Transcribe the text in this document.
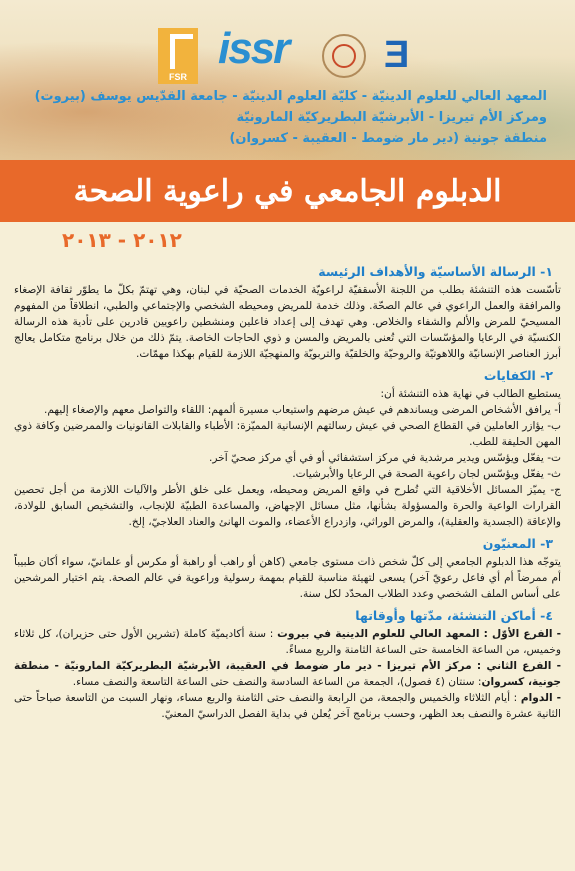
FSR
issr	Ǝ
المعهد العالي للعلوم الدينيّة - كليّة العلوم الدينيّة - جامعة القدّيس يوسف (بيروت)
ومركز الأم تيريزا - الأبرشيّة البطريركيّة المارونيّة
منطقة جونية (دير مار ضومط - العقيبة - كسروان)
الدبلوم الجامعي في راعوية الصحة
٢٠١٢ - ٢٠١٣
١- الرسالة الأساسيّة والأهداف الرئيسة

تأسّست هذه التنشئة بطلب من اللجنة الأسقفيّة لراعويّة الخدمات الصحيّة في لبنان، وهي تهتمّ بكلّ ما يطوّر ثقافة الإصغاء والمرافقة والعمل الراعوي في عالم الصحّة. وذلك خدمة للمريض ومحيطه الشخصي والإجتماعي والطبي، انطلاقاً من المفهوم المسيحيّ للمرض والألم والشفاء والخلاص. وهي تهدف إلى إعداد فاعلين ومنشطين راعويين قادرين على تأدية هذه الرسالة الكنسيّة في الرعايا والمؤسّسات التي تُعنى بالمريض والمسن و ذوي الحاجات الخاصة. يتمّ ذلك من خلال برنامج متكامل يعالج أبرز العناصر الإنسانيّة واللاهوتيّة والروحيّة والخلقيّة والتربويّة والمنهجيّة اللازمة للقيام بهكذا مهمّات.

٢- الكفايات

يستطيع الطالب في نهاية هذه التنشئة أن:

أ- يرافق الأشخاص المرضى ويساندهم في عيش مرضهم واستيعاب مسيرة ألمهم: اللقاء والتواصل معهم والإصغاء إليهم.

ب- يؤازر العاملين في القطاع الصحي في عيش رسالتهم الإنسانية المميّزة: الأطباء والقابلات القانونيات والممرضين وكافة ذوي المهن الحليفة للطب.

ت- يفعّل ويؤسّس ويدير مرشدية في مركز استشفائي أو في أي مركز صحيّ آخر.

ث- يفعّل ويؤسّس لجان راعوية الصحة في الرعايا والأبرشيات.

ج- يميّز المسائل الأخلاقية التي تُطرح في واقع المريض ومحيطه، ويعمل على خلق الأطر والآليات اللازمة من أجل تحصين القرارات الواعية والحرة والمسؤولة بشأنها، مثل مسائل الإجهاض، والمساعدة الطبيّة للإنجاب، والتشخيص السابق للولادة، والإعاقة (الجسدية والعقلية)، والمرض الوراثي، وازدراع الأعضاء، والموت الهانئ والعناد العلاجيّ، إلخ.

٣- المعنيّون

يتوجّه هذا الدبلوم الجامعي إلى كلّ شخص ذات مستوى جامعي (كاهن أو راهب أو راهبة أو مكرس أو علمانيّ، سواء أكان طبيباً أم ممرضاً أم أي فاعل رعويّ آخر) يسعى لتهيئة مناسبة للقيام بمهمة رسولية وراعوية في عالم الصحة. يتم اختيار المرشحين على أساس الملف الشخصي وعدد الطلاب المحدّد لكل سنة.

٤- أماكن التنشئة، مدّتها وأوقاتها

- الفرع الأوّل : المعهد العالي للعلوم الدينية في بيروت : سنة أكاديميّة كاملة (تشرين الأول حتى حزيران)، كل ثلاثاء وخميس، من الساعة الخامسة حتى الساعة الثامنة والربع مساءً.

- الفرع الثاني : مركز الأم تيريزا - دير مار ضومط في العقيبة، الأبرشيّة البطريركيّة المارونيّة - منطقة جونية، كسروان: سنتان (٤ فصول)، الجمعة من الساعة السادسة والنصف حتى الساعة التاسعة والنصف مساء.

- الدوام : أيام الثلاثاء والخميس والجمعة، من الرابعة والنصف حتى الثامنة والربع مساء، ونهار السبت من التاسعة صباحاً حتى الثانية عشرة والنصف بعد الظهر، وحسب برنامج آخر يُعلن في بداية الفصل الدراسيّ المعنيّ.
